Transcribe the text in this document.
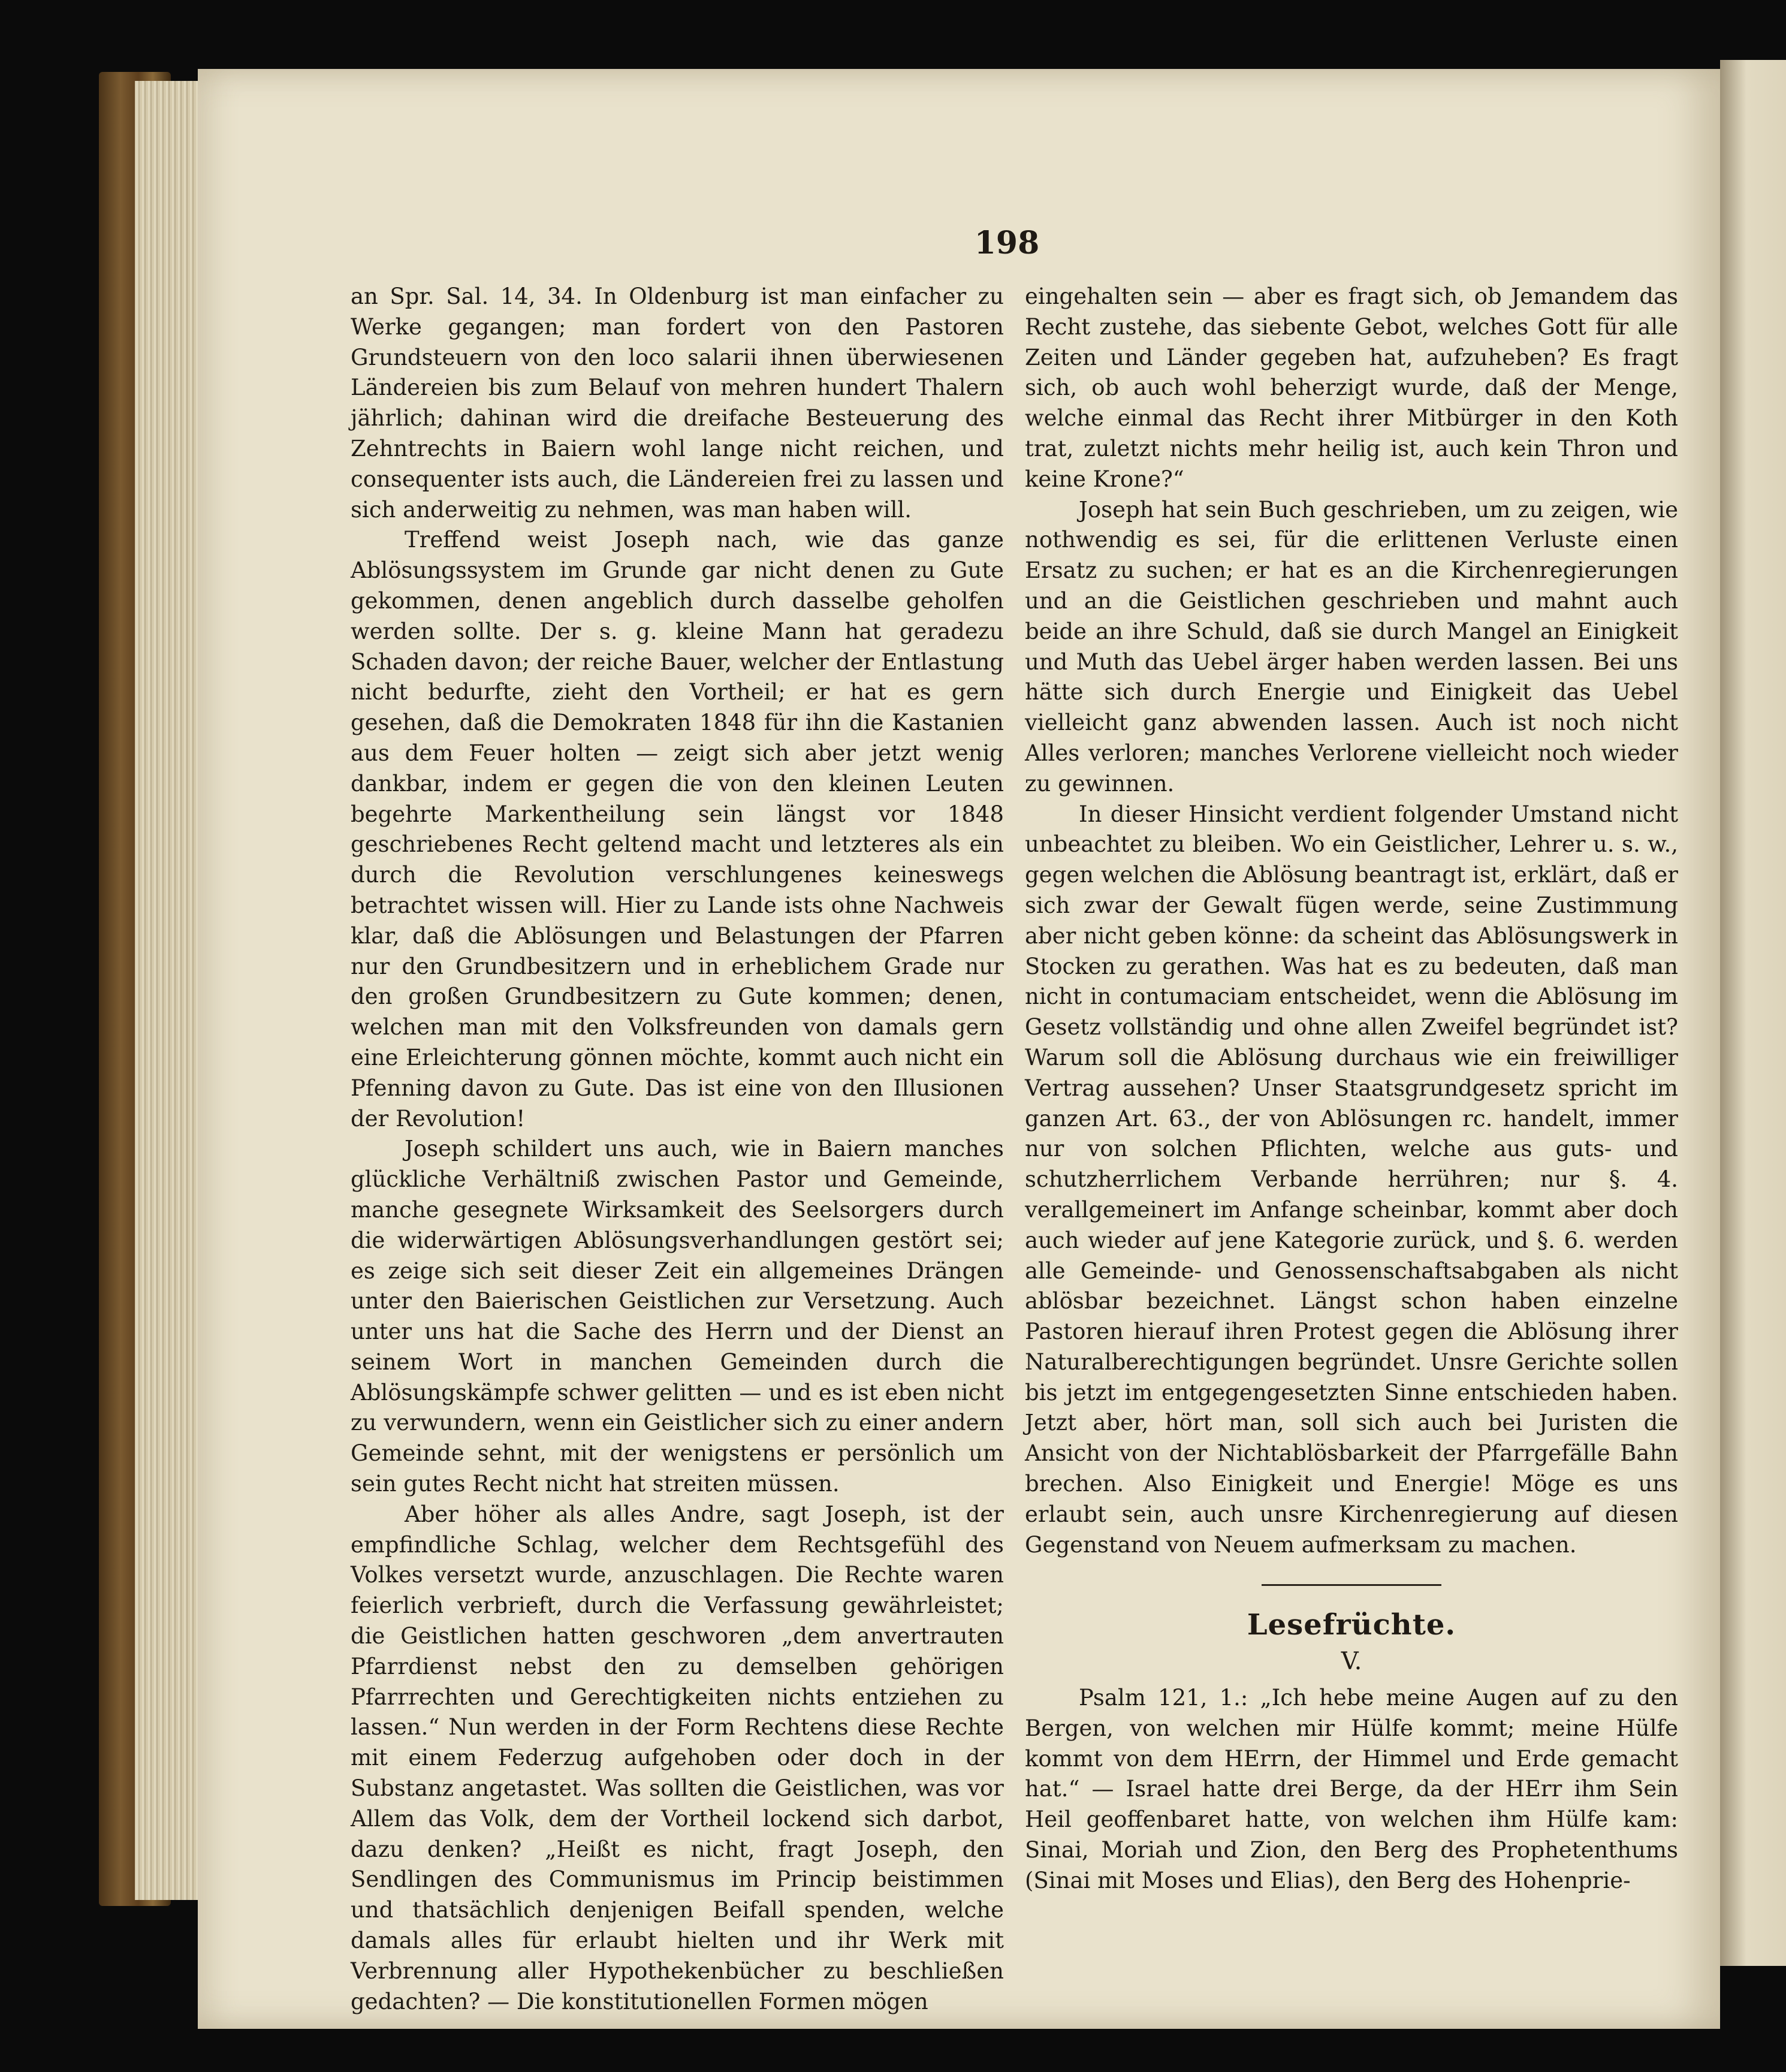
198

an Spr. Sal. 14, 34. In Oldenburg ist man einfacher zu Werke gegangen; man fordert von den Pastoren Grundsteuern von den loco salarii ihnen überwiesenen Ländereien bis zum Belauf von mehren hundert Thalern jährlich; dahinan wird die dreifache Besteuerung des Zehntrechts in Baiern wohl lange nicht reichen, und consequenter ists auch, die Ländereien frei zu lassen und sich anderweitig zu nehmen, was man haben will.

Treffend weist Joseph nach, wie das ganze Ablösungssystem im Grunde gar nicht denen zu Gute gekommen, denen angeblich durch dasselbe geholfen werden sollte. Der s. g. kleine Mann hat geradezu Schaden davon; der reiche Bauer, welcher der Entlastung nicht bedurfte, zieht den Vortheil; er hat es gern gesehen, daß die Demokraten 1848 für ihn die Kastanien aus dem Feuer holten — zeigt sich aber jetzt wenig dankbar, indem er gegen die von den kleinen Leuten begehrte Markentheilung sein längst vor 1848 geschriebenes Recht geltend macht und letzteres als ein durch die Revolution verschlungenes keineswegs betrachtet wissen will. Hier zu Lande ists ohne Nachweis klar, daß die Ablösungen und Belastungen der Pfarren nur den Grundbesitzern und in erheblichem Grade nur den großen Grundbesitzern zu Gute kommen; denen, welchen man mit den Volksfreunden von damals gern eine Erleichterung gönnen möchte, kommt auch nicht ein Pfenning davon zu Gute. Das ist eine von den Illusionen der Revolution!

Joseph schildert uns auch, wie in Baiern manches glückliche Verhältniß zwischen Pastor und Gemeinde, manche gesegnete Wirksamkeit des Seelsorgers durch die widerwärtigen Ablösungsverhandlungen gestört sei; es zeige sich seit dieser Zeit ein allgemeines Drängen unter den Baierischen Geistlichen zur Versetzung. Auch unter uns hat die Sache des Herrn und der Dienst an seinem Wort in manchen Gemeinden durch die Ablösungskämpfe schwer gelitten — und es ist eben nicht zu verwundern, wenn ein Geistlicher sich zu einer andern Gemeinde sehnt, mit der wenigstens er persönlich um sein gutes Recht nicht hat streiten müssen.

Aber höher als alles Andre, sagt Joseph, ist der empfindliche Schlag, welcher dem Rechtsgefühl des Volkes versetzt wurde, anzuschlagen. Die Rechte waren feierlich verbrieft, durch die Verfassung gewährleistet; die Geistlichen hatten geschworen „dem anvertrauten Pfarrdienst nebst den zu demselben gehörigen Pfarrrechten und Gerechtigkeiten nichts entziehen zu lassen.“ Nun werden in der Form Rechtens diese Rechte mit einem Federzug aufgehoben oder doch in der Substanz angetastet. Was sollten die Geistlichen, was vor Allem das Volk, dem der Vortheil lockend sich darbot, dazu denken? „Heißt es nicht, fragt Joseph, den Sendlingen des Communismus im Princip beistimmen und thatsächlich denjenigen Beifall spenden, welche damals alles für erlaubt hielten und ihr Werk mit Verbrennung aller Hypothekenbücher zu beschließen gedachten? — Die konstitutionellen Formen mögen

eingehalten sein — aber es fragt sich, ob Jemandem das Recht zustehe, das siebente Gebot, welches Gott für alle Zeiten und Länder gegeben hat, aufzuheben? Es fragt sich, ob auch wohl beherzigt wurde, daß der Menge, welche einmal das Recht ihrer Mitbürger in den Koth trat, zuletzt nichts mehr heilig ist, auch kein Thron und keine Krone?“

Joseph hat sein Buch geschrieben, um zu zeigen, wie nothwendig es sei, für die erlittenen Verluste einen Ersatz zu suchen; er hat es an die Kirchenregierungen und an die Geistlichen geschrieben und mahnt auch beide an ihre Schuld, daß sie durch Mangel an Einigkeit und Muth das Uebel ärger haben werden lassen. Bei uns hätte sich durch Energie und Einigkeit das Uebel vielleicht ganz abwenden lassen. Auch ist noch nicht Alles verloren; manches Verlorene vielleicht noch wieder zu gewinnen.

In dieser Hinsicht verdient folgender Umstand nicht unbeachtet zu bleiben. Wo ein Geistlicher, Lehrer u. s. w., gegen welchen die Ablösung beantragt ist, erklärt, daß er sich zwar der Gewalt fügen werde, seine Zustimmung aber nicht geben könne: da scheint das Ablösungswerk in Stocken zu gerathen. Was hat es zu bedeuten, daß man nicht in contumaciam entscheidet, wenn die Ablösung im Gesetz vollständig und ohne allen Zweifel begründet ist? Warum soll die Ablösung durchaus wie ein freiwilliger Vertrag aussehen? Unser Staatsgrundgesetz spricht im ganzen Art. 63., der von Ablösungen rc. handelt, immer nur von solchen Pflichten, welche aus guts- und schutzherrlichem Verbande herrühren; nur §. 4. verallgemeinert im Anfange scheinbar, kommt aber doch auch wieder auf jene Kategorie zurück, und §. 6. werden alle Gemeinde- und Genossenschaftsabgaben als nicht ablösbar bezeichnet. Längst schon haben einzelne Pastoren hierauf ihren Protest gegen die Ablösung ihrer Naturalberechtigungen begründet. Unsre Gerichte sollen bis jetzt im entgegengesetzten Sinne entschieden haben. Jetzt aber, hört man, soll sich auch bei Juristen die Ansicht von der Nichtablösbarkeit der Pfarrgefälle Bahn brechen. Also Einigkeit und Energie! Möge es uns erlaubt sein, auch unsre Kirchenregierung auf diesen Gegenstand von Neuem aufmerksam zu machen.

Lesefrüchte.
V.

Psalm 121, 1.: „Ich hebe meine Augen auf zu den Bergen, von welchen mir Hülfe kommt; meine Hülfe kommt von dem HErrn, der Himmel und Erde gemacht hat.“ — Israel hatte drei Berge, da der HErr ihm Sein Heil geoffenbaret hatte, von welchen ihm Hülfe kam: Sinai, Moriah und Zion, den Berg des Prophetenthums (Sinai mit Moses und Elias), den Berg des Hohenprie-
